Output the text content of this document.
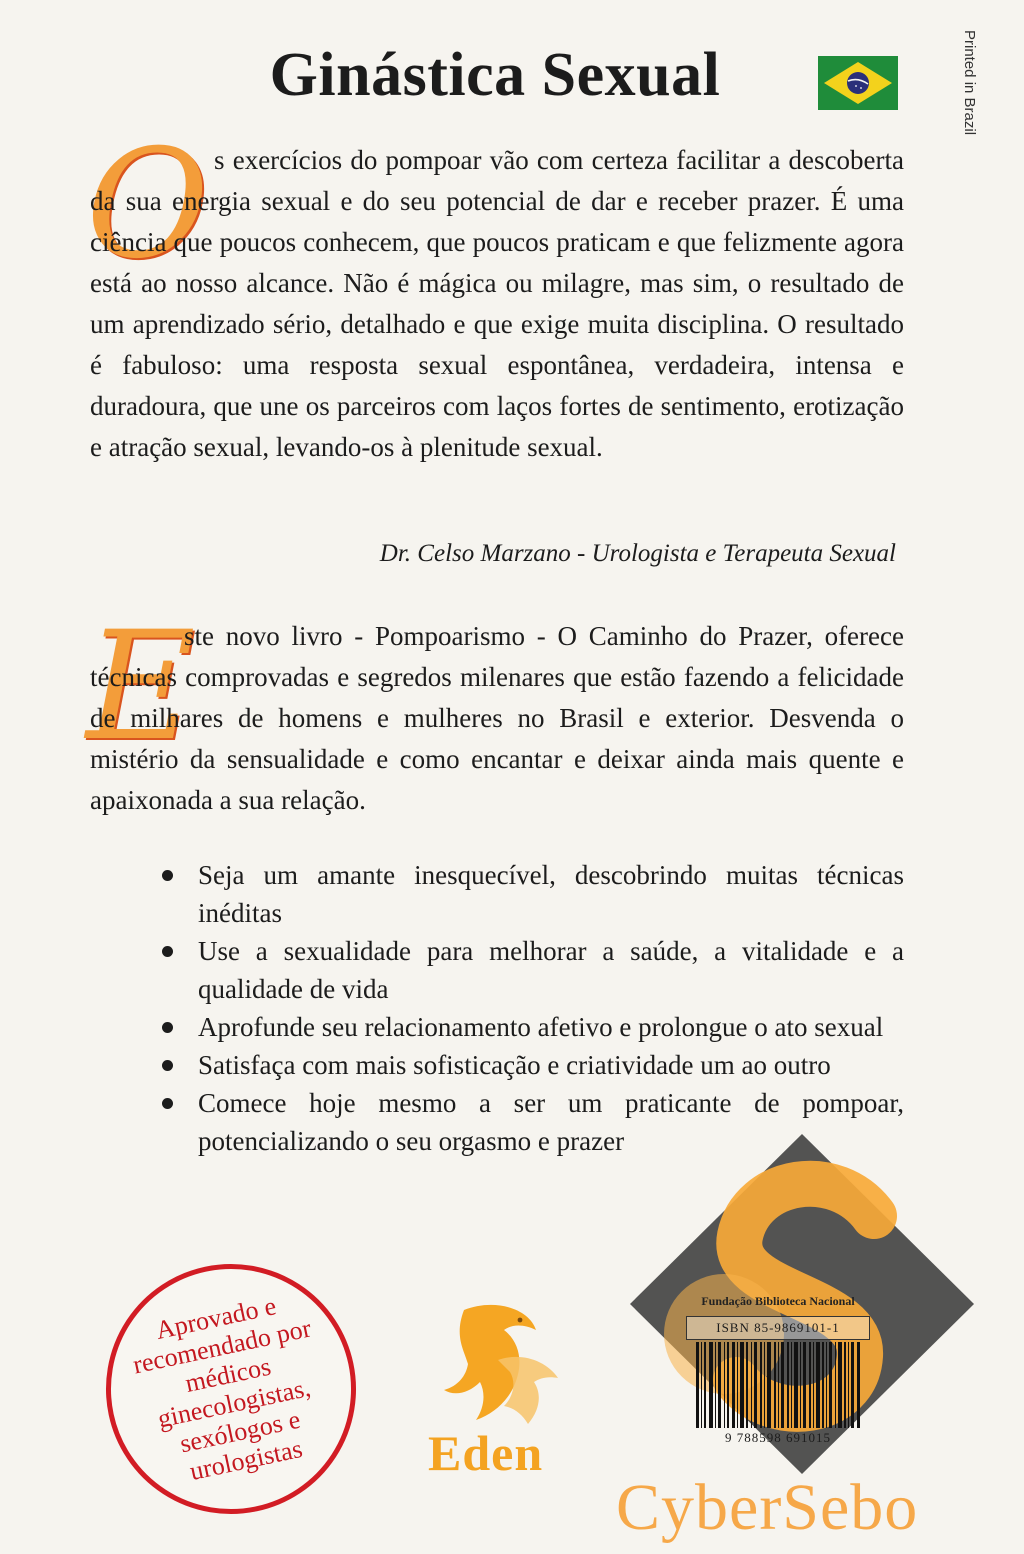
Ginástica Sexual	Printed in Brazil
O s exercícios do pompoar vão com certeza facilitar a descoberta da sua energia sexual e do seu potencial de dar e receber prazer. É uma ciência que poucos conhecem, que poucos praticam e que felizmente agora está ao nosso alcance. Não é mágica ou milagre, mas sim, o resultado de um aprendizado sério, detalhado e que exige muita disciplina. O resultado é fabuloso: uma resposta sexual espontânea, verdadeira, intensa e duradoura, que une os parceiros com laços fortes de sentimento, erotização e atração sexual, levando-os à plenitude sexual.

Dr. Celso Marzano - Urologista e Terapeuta Sexual
E

ste novo livro - Pompoarismo - O Caminho do Prazer, oferece técnicas comprovadas e segredos milenares que estão fazendo a felicidade de milhares de homens e mulheres no Brasil e exterior. Desvenda o mistério da sensualidade e como encantar e deixar ainda mais quente e apaixonada a sua relação.

Seja um amante inesquecível, descobrindo muitas técnicas inéditas
Use a sexualidade para melhorar a saúde, a vitalidade e a qualidade de vida
Aprofunde seu relacionamento afetivo e prolongue o ato sexual
Satisfaça com mais sofisticação e criatividade um ao outro
Comece hoje mesmo a ser um praticante de pompoar, potencializando o seu orgasmo e prazer
Aprovado e recomendado por médicos ginecologistas, sexólogos e urologistas	Eden
Fundação Biblioteca Nacional
ISBN 85-9869101-1
9 788598 691015
CyberSebo
